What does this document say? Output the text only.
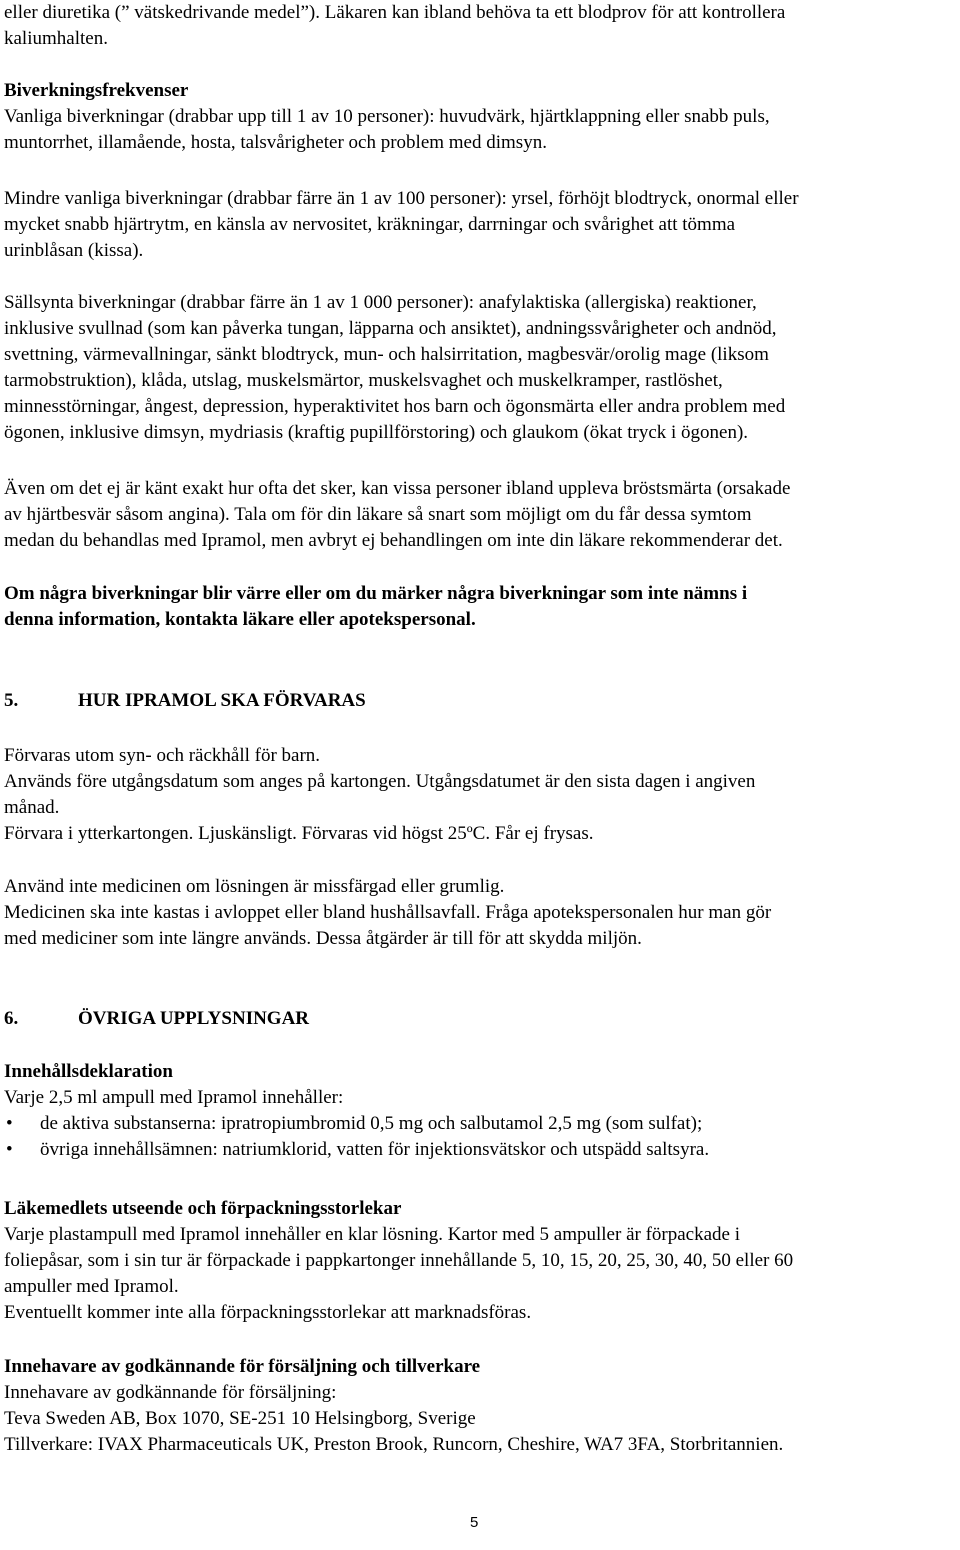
eller diuretika (” vätskedrivande medel”). Läkaren kan ibland behöva ta ett blodprov för att kontrollera
kaliumhalten.
Biverkningsfrekvenser
Vanliga biverkningar (drabbar upp till 1 av 10 personer): huvudvärk, hjärtklappning eller snabb puls,
muntorrhet, illamående, hosta, talsvårigheter och problem med dimsyn.
Mindre vanliga biverkningar (drabbar färre än 1 av 100 personer): yrsel, förhöjt blodtryck, onormal eller
mycket snabb hjärtrytm, en känsla av nervositet, kräkningar, darrningar och svårighet att tömma
urinblåsan (kissa).
Sällsynta biverkningar (drabbar färre än 1 av 1 000 personer): anafylaktiska (allergiska) reaktioner,
inklusive svullnad (som kan påverka tungan, läpparna och ansiktet), andningssvårigheter och andnöd,
svettning, värmevallningar, sänkt blodtryck, mun- och halsirritation, magbesvär/orolig mage (liksom
tarmobstruktion), klåda, utslag, muskelsmärtor, muskelsvaghet och muskelkramper, rastlöshet,
minnesstörningar, ångest, depression, hyperaktivitet hos barn och ögonsmärta eller andra problem med
ögonen, inklusive dimsyn, mydriasis (kraftig pupillförstoring) och glaukom (ökat tryck i ögonen).
Även om det ej är känt exakt hur ofta det sker, kan vissa personer ibland uppleva bröstsmärta (orsakade
av hjärtbesvär såsom angina). Tala om för din läkare så snart som möjligt om du får dessa symtom
medan du behandlas med Ipramol, men avbryt ej behandlingen om inte din läkare rekommenderar det.
Om några biverkningar blir värre eller om du märker några biverkningar som inte nämns i
denna information, kontakta läkare eller apotekspersonal.
5.	HUR IPRAMOL SKA FÖRVARAS
Förvaras utom syn- och räckhåll för barn.
Används före utgångsdatum som anges på kartongen. Utgångsdatumet är den sista dagen i angiven
månad.
Förvara i ytterkartongen. Ljuskänsligt. Förvaras vid högst 25ºC. Får ej frysas.
Använd inte medicinen om lösningen är missfärgad eller grumlig.
Medicinen ska inte kastas i avloppet eller bland hushållsavfall. Fråga apotekspersonalen hur man gör
med mediciner som inte längre används. Dessa åtgärder är till för att skydda miljön.
6.	ÖVRIGA UPPLYSNINGAR
Innehållsdeklaration
Varje 2,5 ml ampull med Ipramol innehåller:
• de aktiva substanserna: ipratropiumbromid 0,5 mg och salbutamol 2,5 mg (som sulfat);
• övriga innehållsämnen: natriumklorid, vatten för injektionsvätskor och utspädd saltsyra.
Läkemedlets utseende och förpackningsstorlekar
Varje plastampull med Ipramol innehåller en klar lösning. Kartor med 5 ampuller är förpackade i
foliepåsar, som i sin tur är förpackade i pappkartonger innehållande 5, 10, 15, 20, 25, 30, 40, 50 eller 60
ampuller med Ipramol.
Eventuellt kommer inte alla förpackningsstorlekar att marknadsföras.
Innehavare av godkännande för försäljning och tillverkare
Innehavare av godkännande för försäljning:
Teva Sweden AB, Box 1070, SE-251 10 Helsingborg, Sverige
Tillverkare: IVAX Pharmaceuticals UK, Preston Brook, Runcorn, Cheshire, WA7 3FA, Storbritannien.
5
